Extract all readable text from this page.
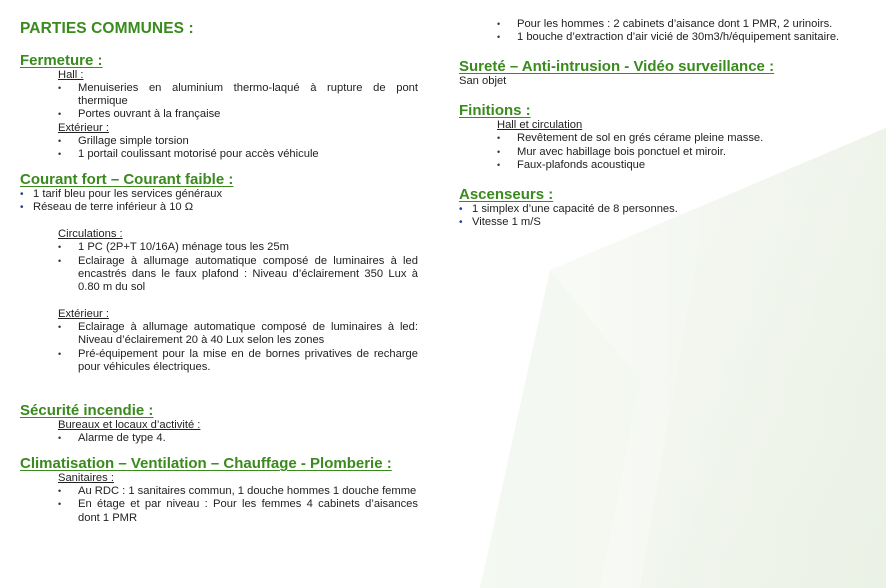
PARTIES COMMUNES :
Fermeture :
Hall :
• Menuiseries en aluminium thermo-laqué à rupture de pont thermique
• Portes ouvrant à la française
Extérieur :
• Grillage simple torsion
• 1 portail coulissant motorisé pour accès véhicule
Courant fort – Courant faible :
• 1 tarif bleu pour les services généraux
• Réseau de terre inférieur à 10 Ω
Circulations :
• 1 PC (2P+T 10/16A) ménage tous les 25m
• Eclairage à allumage automatique composé de luminaires à led encastrés dans le faux plafond : Niveau d’éclairement 350 Lux à 0.80 m du sol
Extérieur :
• Eclairage à allumage automatique composé de luminaires à led: Niveau d’éclairement 20 à 40 Lux selon les zones
• Pré-équipement pour la mise en de bornes privatives de recharge pour véhicules électriques.
Sécurité incendie :
Bureaux et locaux d’activité :
• Alarme de type 4.
Climatisation – Ventilation – Chauffage - Plomberie :
Sanitaires :
• Au RDC : 1 sanitaires commun, 1 douche hommes 1 douche femme
• En étage et par niveau : Pour les femmes 4 cabinets d’aisances dont 1 PMR
• Pour les hommes : 2 cabinets d’aisance dont 1 PMR, 2 urinoirs.
• 1 bouche d’extraction d’air vicié de 30m3/h/équipement sanitaire.
Sureté – Anti-intrusion - Vidéo surveillance :
San objet
Finitions :
Hall et circulation
• Revêtement de sol en grés cérame pleine masse.
• Mur avec habillage bois ponctuel et miroir.
• Faux-plafonds acoustique
Ascenseurs :
• 1 simplex d’une capacité de 8 personnes.
• Vitesse 1 m/S
